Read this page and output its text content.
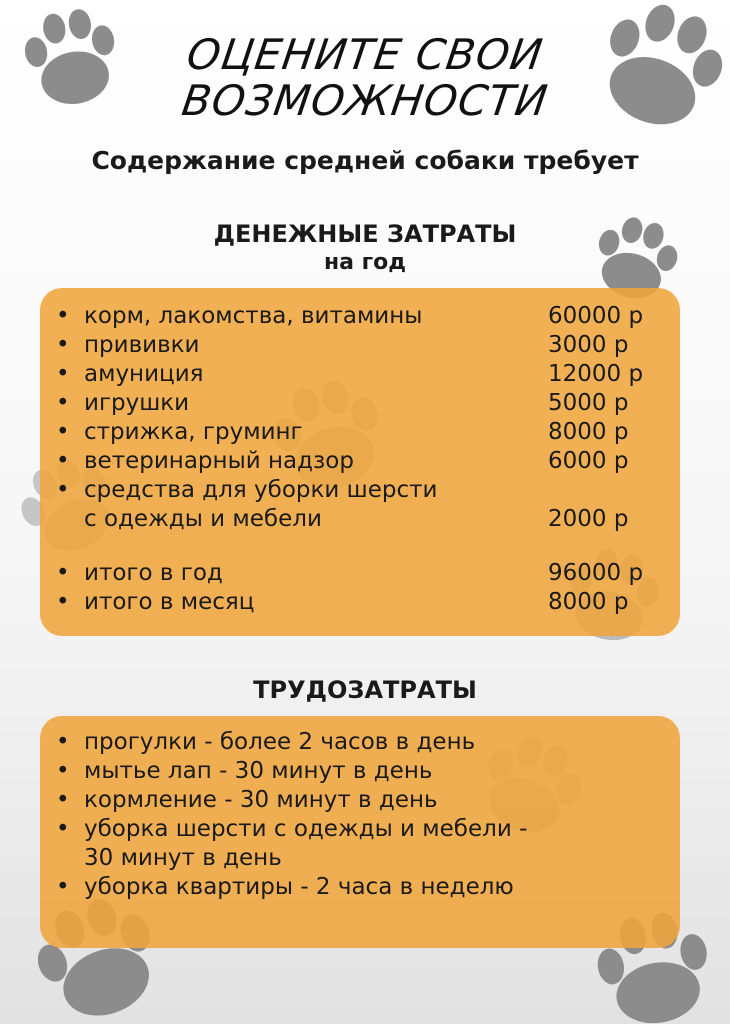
ОЦЕНИТЕ СВОИ
ВОЗМОЖНОСТИ
Содержание средней собаки требует
ДЕНЕЖНЫЕ ЗАТРАТЫ
на год
• корм, лакомства, витамины	60000 р
• прививки	3000 р
• амуниция	12000 р
• игрушки	5000 р
• стрижка, груминг	8000 р
• ветеринарный надзор	6000 р
• средства для уборки шерсти
с одежды и мебели	2000 р
• итого в год	96000 р
• итого в месяц	8000 р
ТРУДОЗАТРАТЫ
• прогулки - более 2 часов в день
• мытье лап - 30 минут в день
• кормление - 30 минут в день
• уборка шерсти с одежды и мебели -
30 минут в день
• уборка квартиры - 2 часа в неделю
